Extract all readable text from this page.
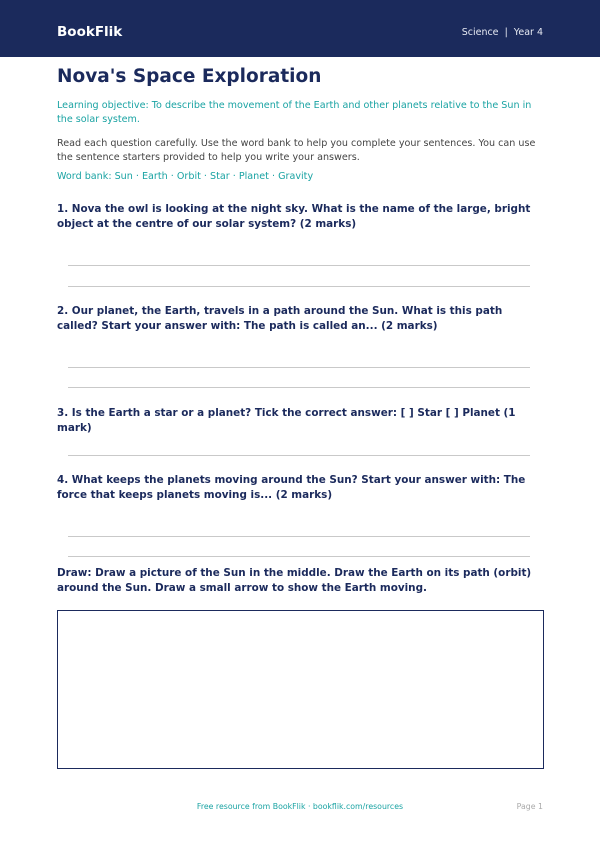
BookFlik	Science  |  Year 4
Nova's Space Exploration

Learning objective: To describe the movement of the Earth and other planets relative to the Sun in the solar system.

Read each question carefully. Use the word bank to help you complete your sentences. You can use the sentence starters provided to help you write your answers.

Word bank: Sun · Earth · Orbit · Star · Planet · Gravity

1. Nova the owl is looking at the night sky. What is the name of the large, bright object at the centre of our solar system? (2 marks)

2. Our planet, the Earth, travels in a path around the Sun. What is this path called? Start your answer with: The path is called an... (2 marks)

3. Is the Earth a star or a planet? Tick the correct answer: [ ] Star [ ] Planet (1 mark)

4. What keeps the planets moving around the Sun? Start your answer with: The force that keeps planets moving is... (2 marks)

Draw: Draw a picture of the Sun in the middle. Draw the Earth on its path (orbit) around the Sun. Draw a small arrow to show the Earth moving.

Free resource from BookFlik · bookflik.com/resources	Page 1
